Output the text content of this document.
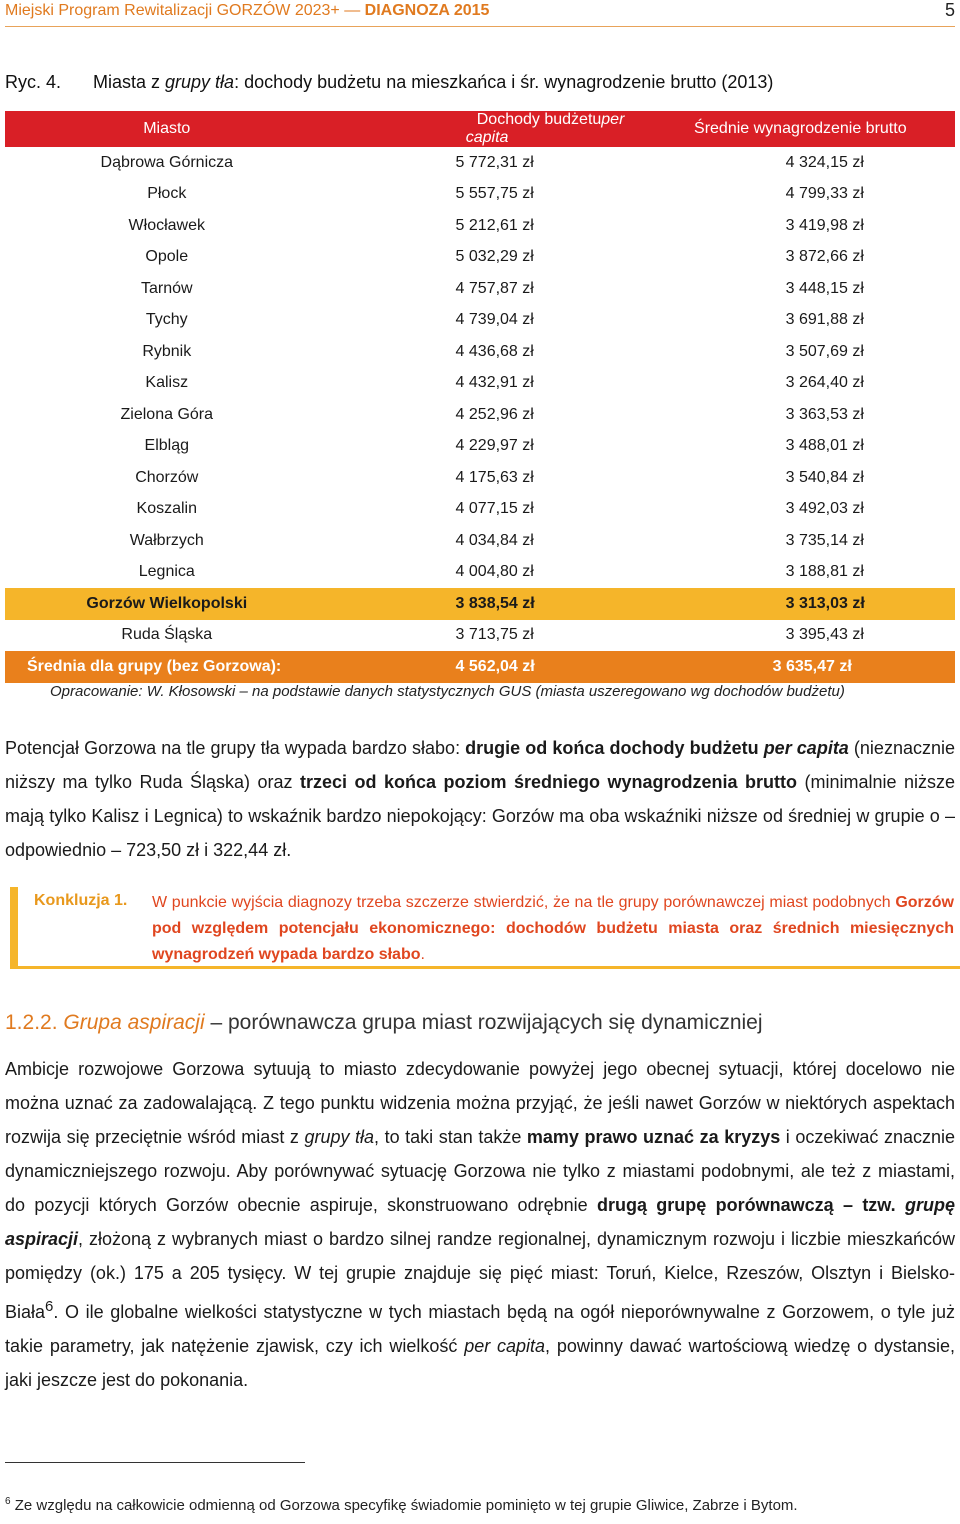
Miejski Program Rewitalizacji GORZÓW 2023+ — DIAGNOZA 2015	5
Ryc. 4. Miasta z grupy tła: dochody budżetu na mieszkańca i śr. wynagrodzenie brutto (2013)
Miasto	Dochody budżetuper capita	Średnie wynagrodzenie brutto
Dąbrowa Górnicza	5 772,31 zł	4 324,15 zł
Płock	5 557,75 zł	4 799,33 zł
Włocławek	5 212,61 zł	3 419,98 zł
Opole	5 032,29 zł	3 872,66 zł
Tarnów	4 757,87 zł	3 448,15 zł
Tychy	4 739,04 zł	3 691,88 zł
Rybnik	4 436,68 zł	3 507,69 zł
Kalisz	4 432,91 zł	3 264,40 zł
Zielona Góra	4 252,96 zł	3 363,53 zł
Elbląg	4 229,97 zł	3 488,01 zł
Chorzów	4 175,63 zł	3 540,84 zł
Koszalin	4 077,15 zł	3 492,03 zł
Wałbrzych	4 034,84 zł	3 735,14 zł
Legnica	4 004,80 zł	3 188,81 zł
Gorzów Wielkopolski	3 838,54 zł	3 313,03 zł
Ruda Śląska	3 713,75 zł	3 395,43 zł
Średnia dla grupy (bez Gorzowa):	4 562,04 zł	3 635,47 zł
Opracowanie: W. Kłosowski – na podstawie danych statystycznych GUS (miasta uszeregowano wg dochodów budżetu)

Potencjał Gorzowa na tle grupy tła wypada bardzo słabo: drugie od końca dochody budżetu per capita (nieznacznie niższy ma tylko Ruda Śląska) oraz trzeci od końca poziom średniego wynagrodzenia brutto (minimalnie niższe mają tylko Kalisz i Legnica) to wskaźnik bardzo niepokojący: Gorzów ma oba wskaźniki niższe od średniej w grupie o – odpowiednio – 723,50 zł i 322,44 zł.

Konkluzja 1. W punkcie wyjścia diagnozy trzeba szczerze stwierdzić, że na tle grupy porównawczej miast podobnych Gorzów pod względem potencjału ekonomicznego: dochodów budżetu miasta oraz średnich miesięcznych wynagrodzeń wypada bardzo słabo.
1.2.2. Grupa aspiracji – porównawcza grupa miast rozwijających się dynamiczniej

Ambicje rozwojowe Gorzowa sytuują to miasto zdecydowanie powyżej jego obecnej sytuacji, której docelowo nie można uznać za zadowalającą. Z tego punktu widzenia można przyjąć, że jeśli nawet Gorzów w niektórych aspektach rozwija się przeciętnie wśród miast z grupy tła, to taki stan także mamy prawo uznać za kryzys i oczekiwać znacznie dynamiczniejszego rozwoju. Aby porównywać sytuację Gorzowa nie tylko z miastami podobnymi, ale też z miastami, do pozycji których Gorzów obecnie aspiruje, skonstruowano odrębnie drugą grupę porównawczą – tzw. grupę aspiracji, złożoną z wybranych miast o bardzo silnej randze regionalnej, dynamicznym rozwoju i liczbie mieszkańców pomiędzy (ok.) 175 a 205 tysięcy. W tej grupie znajduje się pięć miast: Toruń, Kielce, Rzeszów, Olsztyn i Bielsko-Biała$^6$. O ile globalne wielkości statystyczne w tych miastach będą na ogół nieporównywalne z Gorzowem, o tyle już takie parametry, jak natężenie zjawisk, czy ich wielkość per capita, powinny dawać wartościową wiedzę o dystansie, jaki jeszcze jest do pokonania.

$^6$ Ze względu na całkowicie odmienną od Gorzowa specyfikę świadomie pominięto w tej grupie Gliwice, Zabrze i Bytom.
